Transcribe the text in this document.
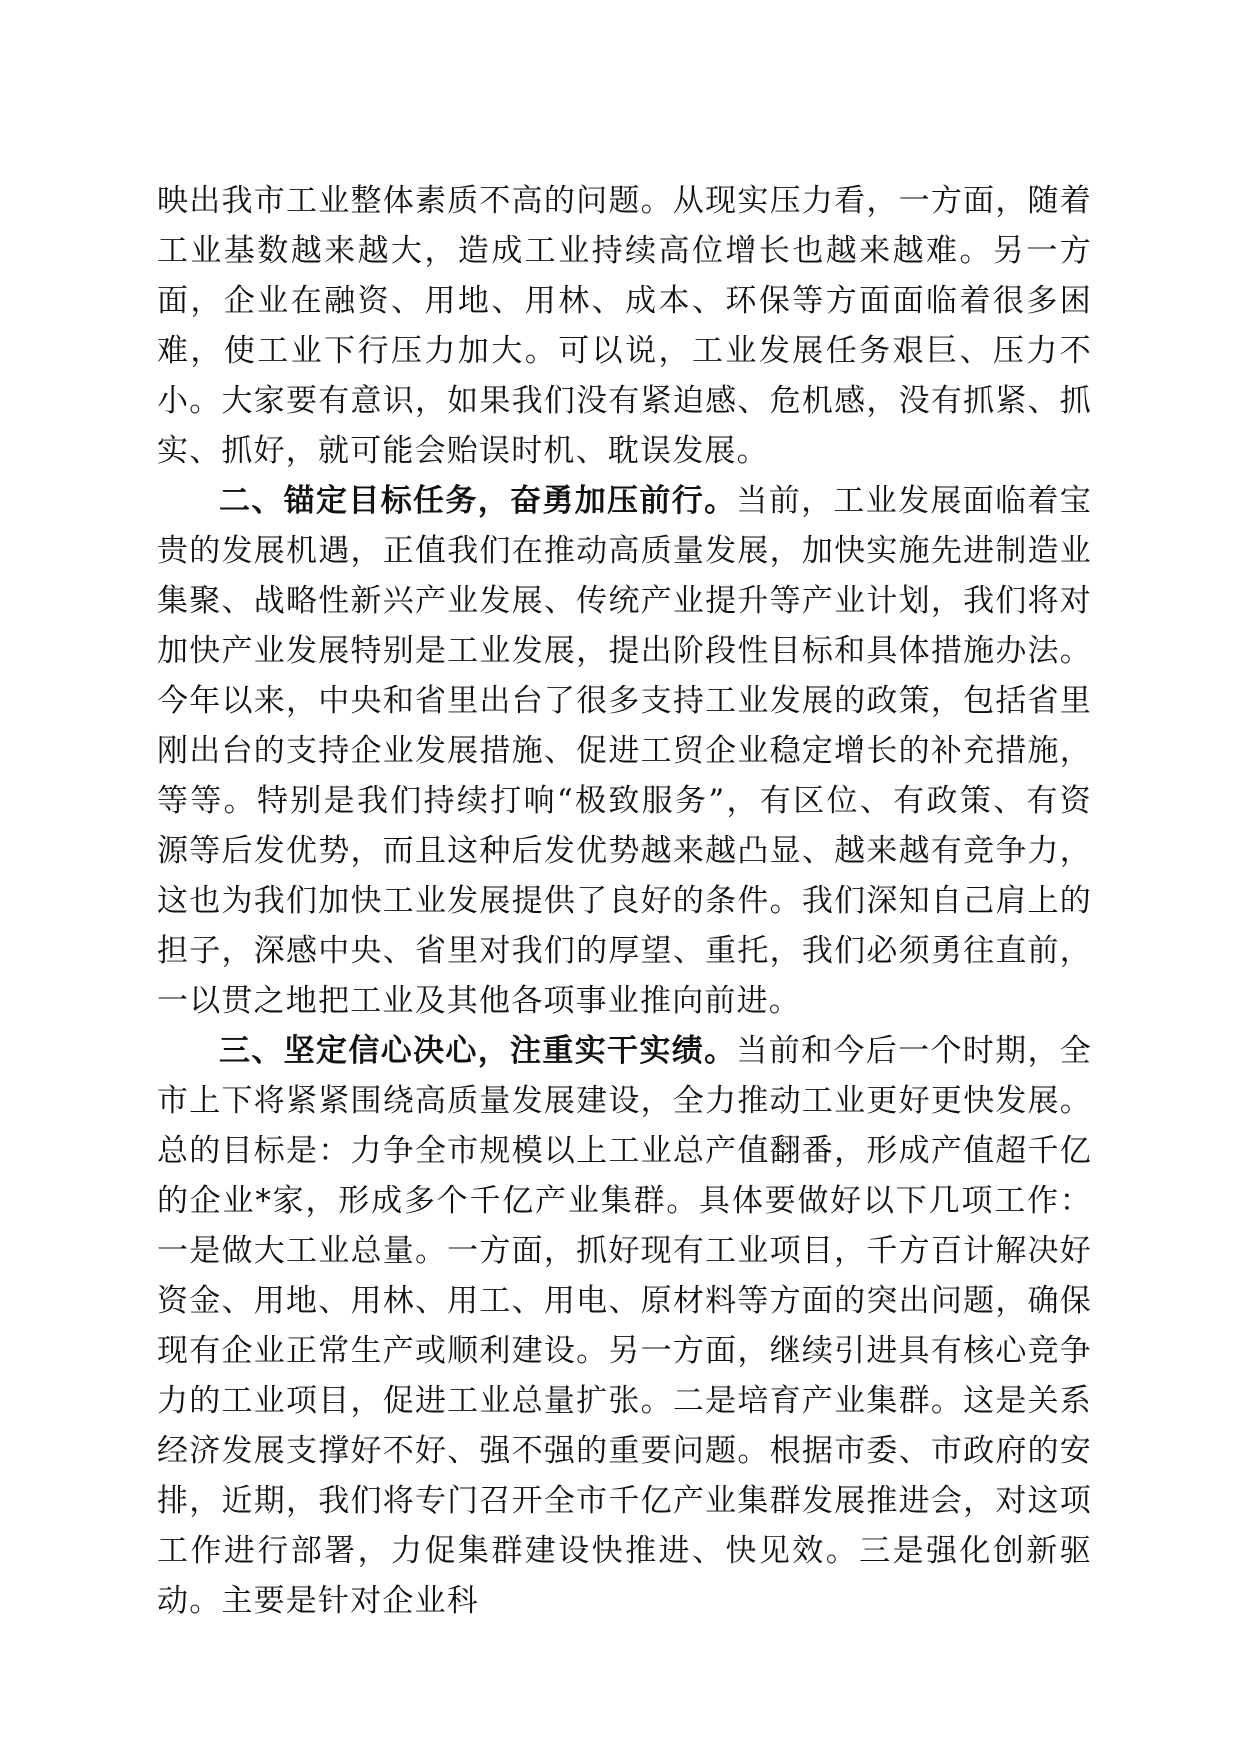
映出我市工业整体素质不高的问题。从现实压力看，一方面，随着工业基数越来越大，造成工业持续高位增长也越来越难。另一方面，企业在融资、用地、用林、成本、环保等方面面临着很多困难，使工业下行压力加大。可以说，工业发展任务艰巨、压力不小。大家要有意识，如果我们没有紧迫感、危机感，没有抓紧、抓实、抓好，就可能会贻误时机、耽误发展。

二、锚定目标任务，奋勇加压前行。当前，工业发展面临着宝贵的发展机遇，正值我们在推动高质量发展，加快实施先进制造业集聚、战略性新兴产业发展、传统产业提升等产业计划，我们将对加快产业发展特别是工业发展，提出阶段性目标和具体措施办法。今年以来，中央和省里出台了很多支持工业发展的政策，包括省里刚出台的支持企业发展措施、促进工贸企业稳定增长的补充措施，等等。特别是我们持续打响“极致服务”，有区位、有政策、有资源等后发优势，而且这种后发优势越来越凸显、越来越有竞争力，这也为我们加快工业发展提供了良好的条件。我们深知自己肩上的担子，深感中央、省里对我们的厚望、重托，我们必须勇往直前，一以贯之地把工业及其他各项事业推向前进。

三、坚定信心决心，注重实干实绩。当前和今后一个时期，全市上下将紧紧围绕高质量发展建设，全力推动工业更好更快发展。总的目标是：力争全市规模以上工业总产值翻番，形成产值超千亿的企业*家，形成多个千亿产业集群。具体要做好以下几项工作：一是做大工业总量。一方面，抓好现有工业项目，千方百计解决好资金、用地、用林、用工、用电、原材料等方面的突出问题，确保现有企业正常生产或顺利建设。另一方面，继续引进具有核心竞争力的工业项目，促进工业总量扩张。二是培育产业集群。这是关系经济发展支撑好不好、强不强的重要问题。根据市委、市政府的安排，近期，我们将专门召开全市千亿产业集群发展推进会，对这项工作进行部署，力促集群建设快推进、快见效。三是强化创新驱动。主要是针对企业科
